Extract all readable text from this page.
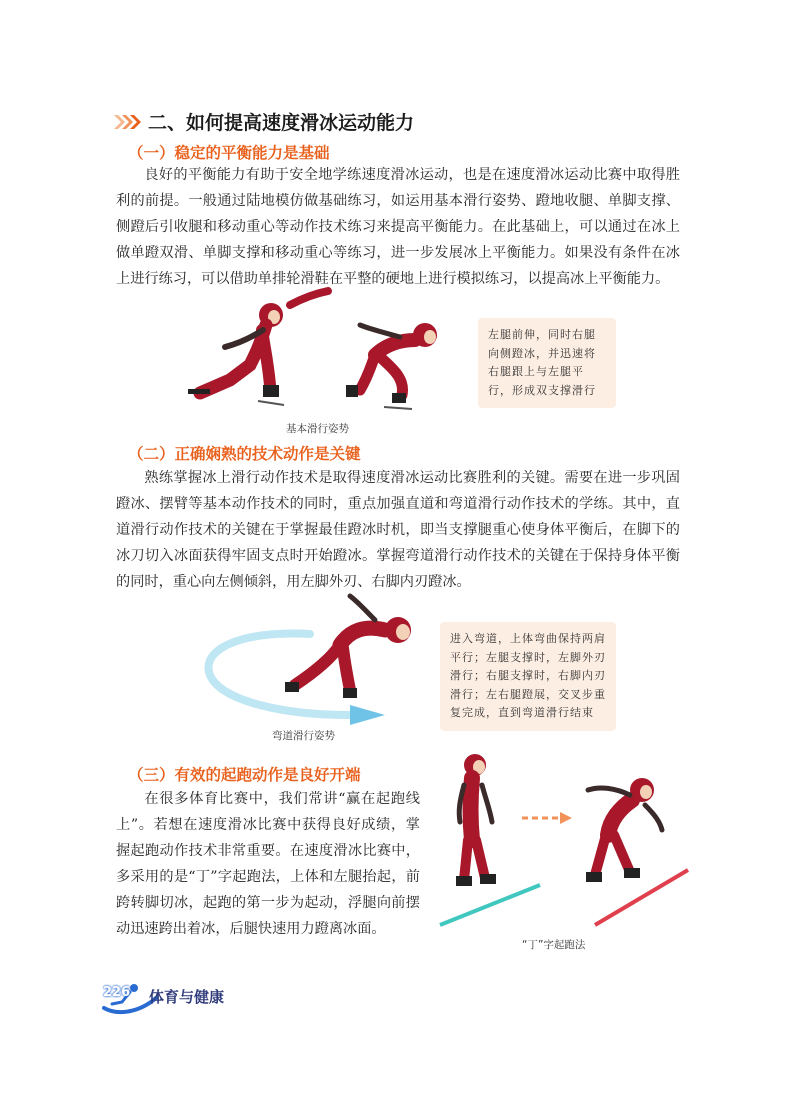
二、如何提高速度滑冰运动能力
（一）稳定的平衡能力是基础
良好的平衡能力有助于安全地学练速度滑冰运动，也是在速度滑冰运动比赛中取得胜利的前提。一般通过陆地模仿做基础练习，如运用基本滑行姿势、蹬地收腿、单脚支撑、侧蹬后引收腿和移动重心等动作技术练习来提高平衡能力。在此基础上，可以通过在冰上做单蹬双滑、单脚支撑和移动重心等练习，进一步发展冰上平衡能力。如果没有条件在冰上进行练习，可以借助单排轮滑鞋在平整的硬地上进行模拟练习，以提高冰上平衡能力。
左腿前伸，同时右腿向侧蹬冰，并迅速将右腿跟上与左腿平行，形成双支撑滑行
基本滑行姿势
（二）正确娴熟的技术动作是关键
熟练掌握冰上滑行动作技术是取得速度滑冰运动比赛胜利的关键。需要在进一步巩固蹬冰、摆臂等基本动作技术的同时，重点加强直道和弯道滑行动作技术的学练。其中，直道滑行动作技术的关键在于掌握最佳蹬冰时机，即当支撑腿重心使身体平衡后，在脚下的冰刀切入冰面获得牢固支点时开始蹬冰。掌握弯道滑行动作技术的关键在于保持身体平衡的同时，重心向左侧倾斜，用左脚外刃、右脚内刃蹬冰。
进入弯道，上体弯曲保持两肩平行；左腿支撑时，左脚外刃滑行；右腿支撑时，右脚内刃滑行；左右腿蹬展，交叉步重复完成，直到弯道滑行结束
弯道滑行姿势
（三）有效的起跑动作是良好开端
在很多体育比赛中，我们常讲“赢在起跑线上”。若想在速度滑冰比赛中获得良好成绩，掌握起跑动作技术非常重要。在速度滑冰比赛中，多采用的是“丁”字起跑法，上体和左腿抬起，前跨转脚切冰，起跑的第一步为起动，浮腿向前摆动迅速跨出着冰，后腿快速用力蹬离冰面。
“丁”字起跑法
226 体育与健康
